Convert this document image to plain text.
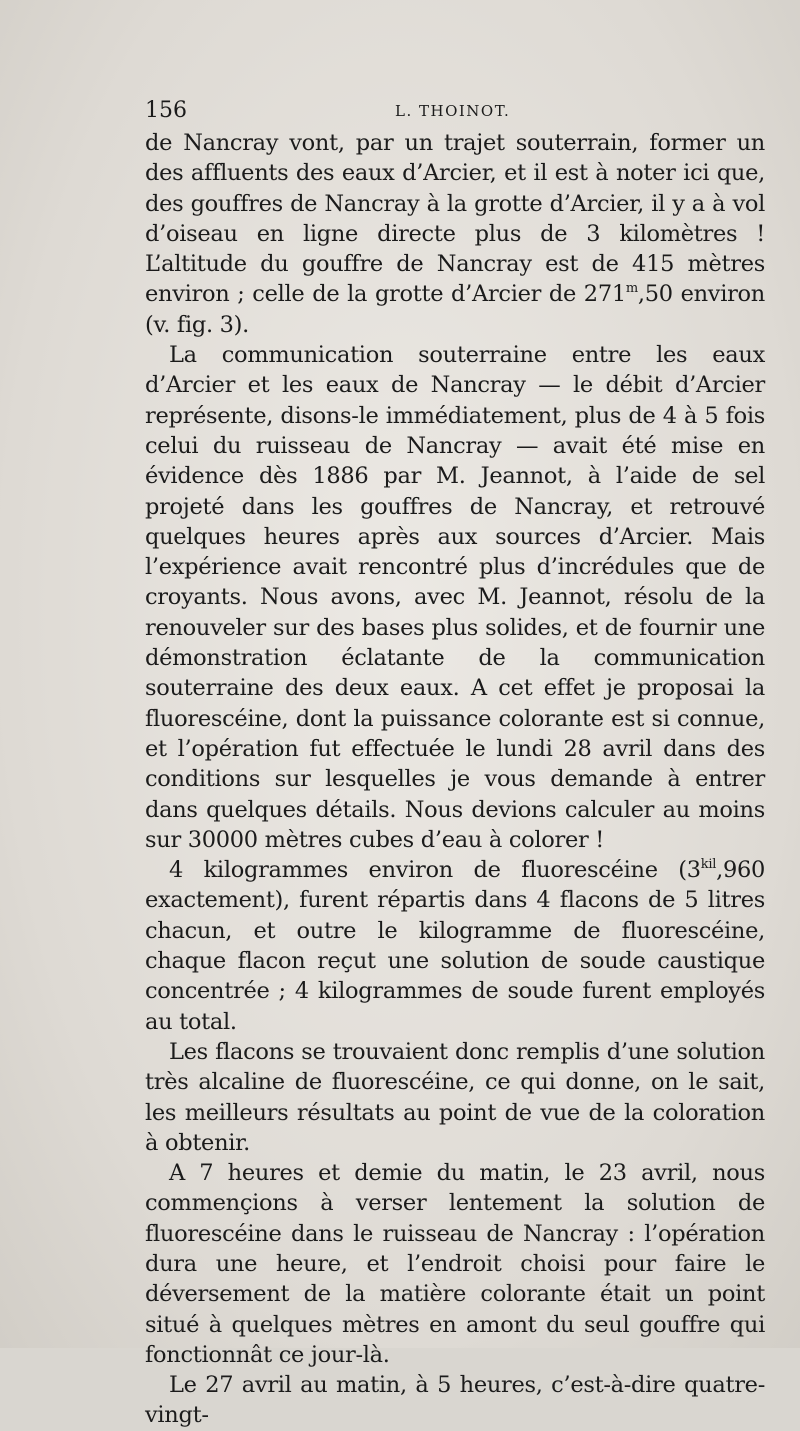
156	L. THOINOT.

de Nancray vont, par un trajet souterrain, former un des affluents des eaux d’Arcier, et il est à noter ici que, des gouffres de Nancray à la grotte d’Arcier, il y a à vol d’oiseau en ligne directe plus de 3 kilomètres ! L’altitude du gouffre de Nancray est de 415 mètres environ ; celle de la grotte d’Arcier de 271$^m$,50 environ (v. fig. 3).

La communication souterraine entre les eaux d’Arcier et les eaux de Nancray — le débit d’Arcier représente, disons-le immédiatement, plus de 4 à 5 fois celui du ruisseau de Nancray — avait été mise en évidence dès 1886 par M. Jeannot, à l’aide de sel projeté dans les gouffres de Nancray, et retrouvé quelques heures après aux sources d’Arcier. Mais l’expérience avait rencontré plus d’incrédules que de croyants. Nous avons, avec M. Jeannot, résolu de la renouveler sur des bases plus solides, et de fournir une démonstration éclatante de la communication souterraine des deux eaux. A cet effet je proposai la fluorescéine, dont la puissance colorante est si connue, et l’opération fut effectuée le lundi 28 avril dans des conditions sur lesquelles je vous demande à entrer dans quelques détails. Nous devions calculer au moins sur 30000 mètres cubes d’eau à colorer !

4 kilogrammes environ de fluorescéine ($3^{kil},960$ exactement), furent répartis dans 4 flacons de 5 litres chacun, et outre le kilogramme de fluorescéine, chaque flacon reçut une solution de soude caustique concentrée ; 4 kilogrammes de soude furent employés au total.

Les flacons se trouvaient donc remplis d’une solution très alcaline de fluorescéine, ce qui donne, on le sait, les meilleurs résultats au point de vue de la coloration à obtenir.

A 7 heures et demie du matin, le 23 avril, nous commençions à verser lentement la solution de fluorescéine dans le ruisseau de Nancray : l’opération dura une heure, et l’endroit choisi pour faire le déversement de la matière colorante était un point situé à quelques mètres en amont du seul gouffre qui fonctionnât ce jour-là.

Le 27 avril au matin, à 5 heures, c’est-à-dire quatre-vingt-
